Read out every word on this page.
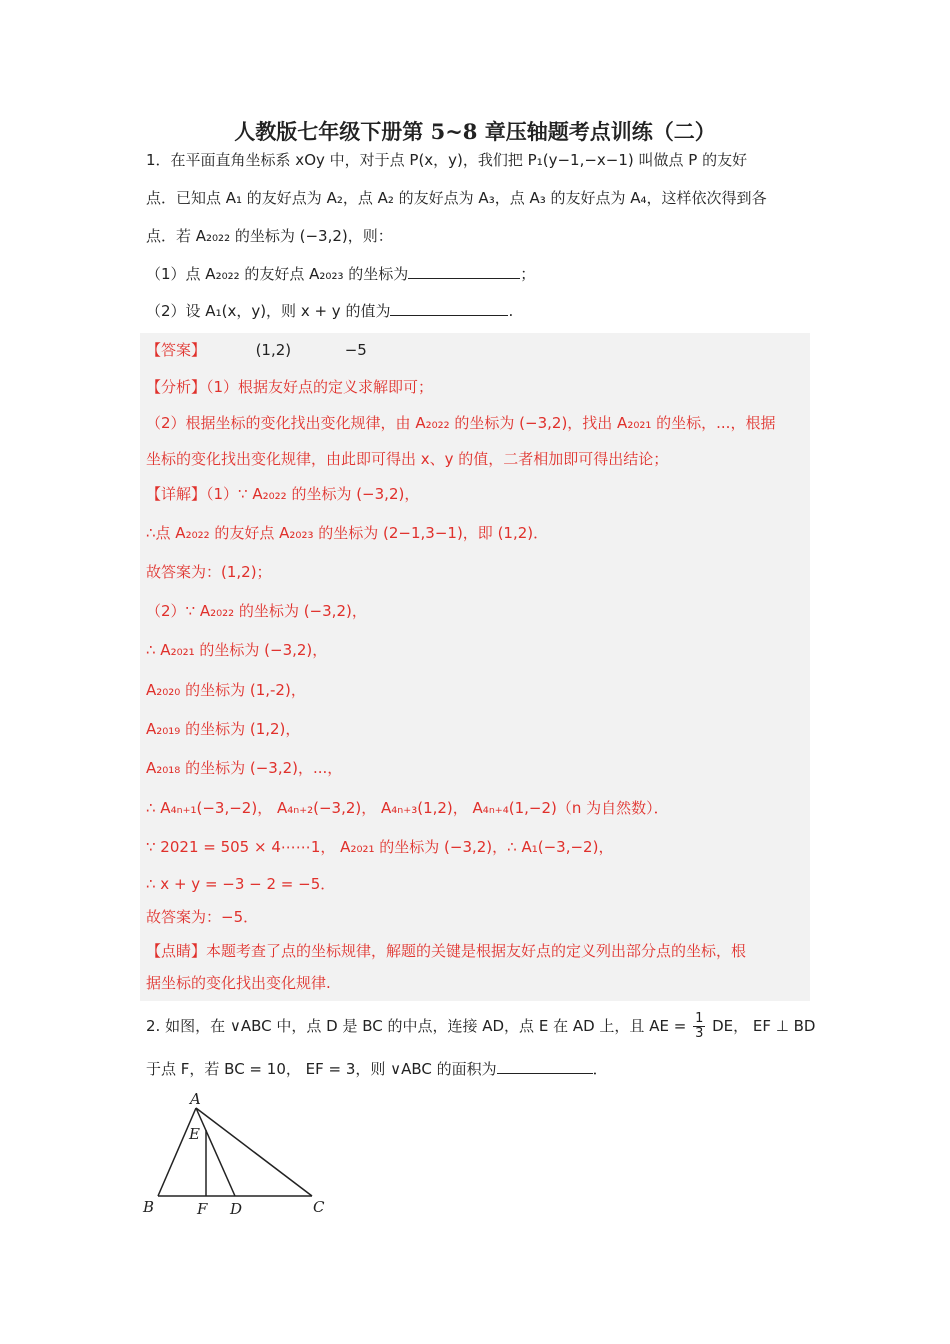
人教版七年级下册第 5~8 章压轴题考点训练（二）
1．在平面直角坐标系 xOy 中，对于点 P(x，y)，我们把 P₁(y−1,−x−1) 叫做点 P 的友好
点．已知点 A₁ 的友好点为 A₂，点 A₂ 的友好点为 A₃，点 A₃ 的友好点为 A₄，这样依次得到各
点．若 A₂₀₂₂ 的坐标为 (−3,2)，则：
（1）点 A₂₀₂₂ 的友好点 A₂₀₂₃ 的坐标为	；
（2）设 A₁(x，y)，则 x + y 的值为	.
【答案】	(1,2)	−5
【分析】（1）根据友好点的定义求解即可；
（2）根据坐标的变化找出变化规律，由 A₂₀₂₂ 的坐标为 (−3,2)，找出 A₂₀₂₁ 的坐标，...，根据
坐标的变化找出变化规律，由此即可得出 x、y 的值，二者相加即可得出结论；
【详解】（1）∵ A₂₀₂₂ 的坐标为 (−3,2)，
∴点 A₂₀₂₂ 的友好点 A₂₀₂₃ 的坐标为 (2−1,3−1)，即 (1,2)．
故答案为：(1,2)；
（2）∵ A₂₀₂₂ 的坐标为 (−3,2)，
∴ A₂₀₂₁ 的坐标为 (−3,2)，
A₂₀₂₀ 的坐标为 (1,‑2)，
A₂₀₁₉ 的坐标为 (1,2)，
A₂₀₁₈ 的坐标为 (−3,2)，...，
∴ A₄ₙ₊₁(−3,−2)， A₄ₙ₊₂(−3,2)， A₄ₙ₊₃(1,2)， A₄ₙ₊₄(1,−2)（n 为自然数）．
∵ 2021 = 505 × 4⋯⋯1， A₂₀₂₁ 的坐标为 (−3,2)，∴ A₁(−3,−2)，
∴ x + y = −3 − 2 = −5．
故答案为：−5．
【点睛】本题考查了点的坐标规律，解题的关键是根据友好点的定义列出部分点的坐标，根
据坐标的变化找出变化规律.
2. 如图，在 ∨ABC 中，点 D 是 BC 的中点，连接 AD，点 E 在 AD 上，且 AE = $\frac{1}{3}$ DE， EF ⊥ BD
于点 F，若 BC = 10， EF = 3，则 ∨ABC 的面积为	．
A
E
B	F D	C
